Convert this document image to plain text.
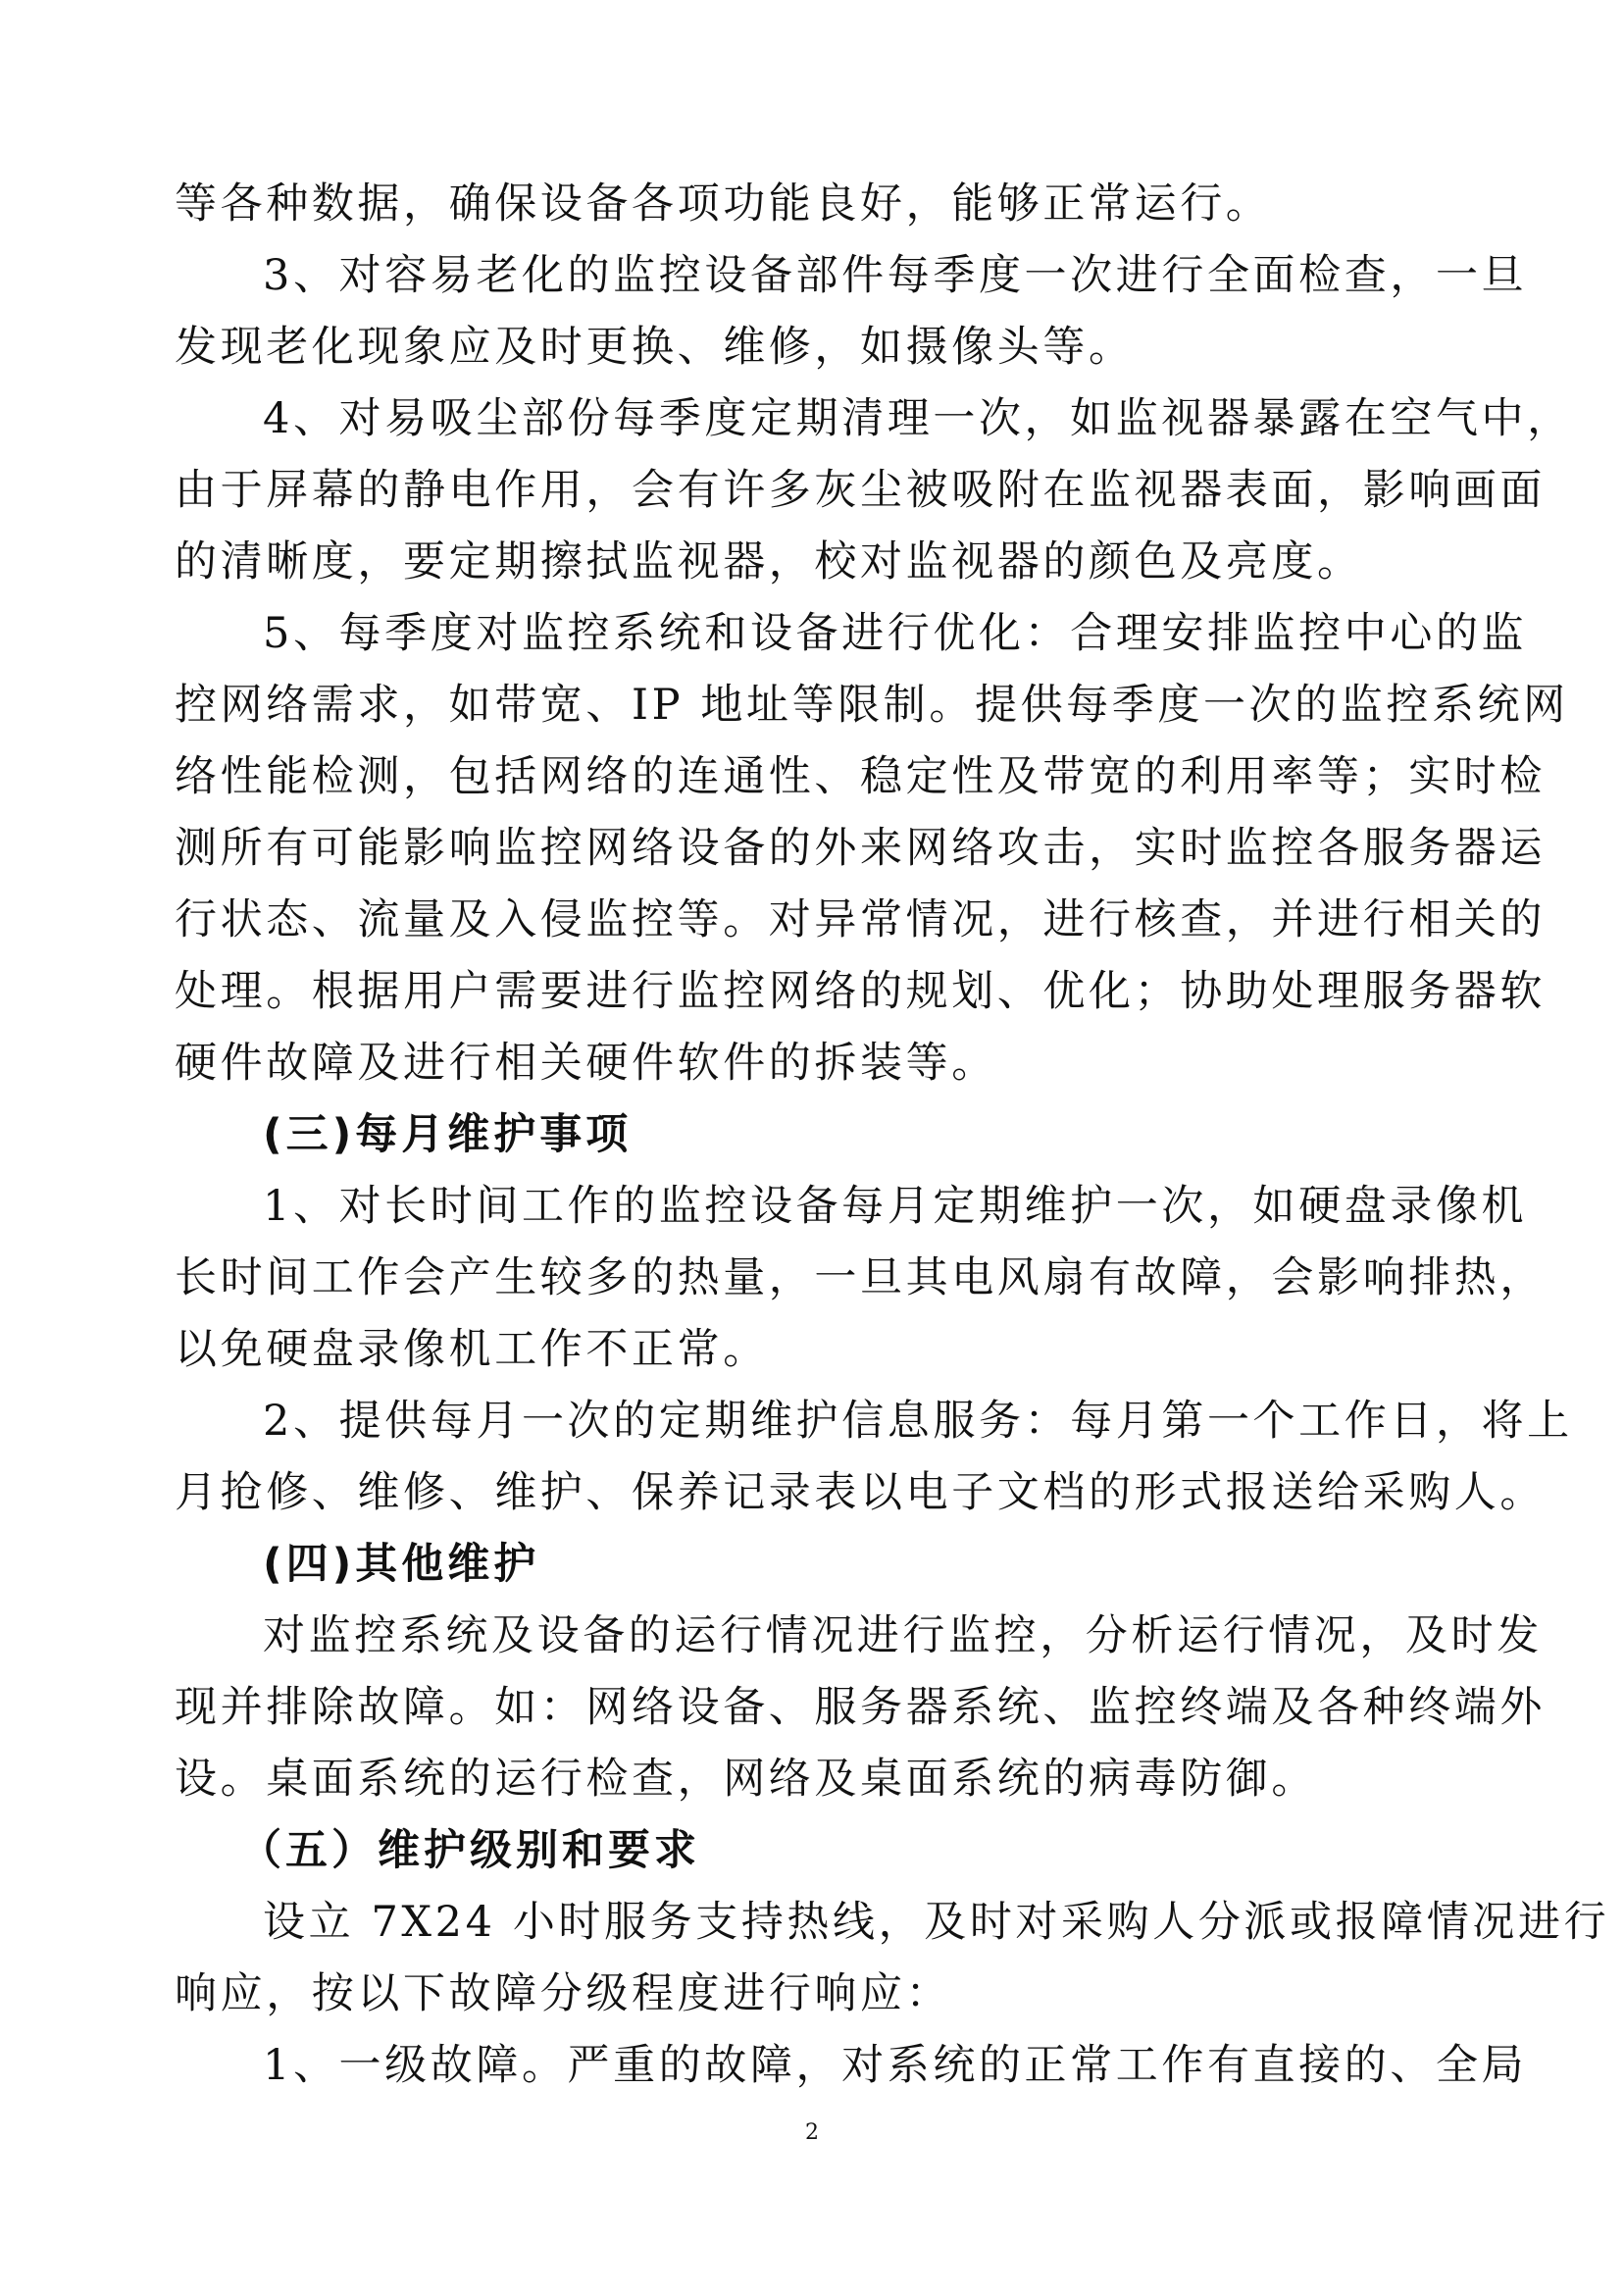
等各种数据，确保设备各项功能良好，能够正常运行。
3、对容易老化的监控设备部件每季度一次进行全面检查，一旦
发现老化现象应及时更换、维修，如摄像头等。
4、对易吸尘部份每季度定期清理一次，如监视器暴露在空气中，
由于屏幕的静电作用，会有许多灰尘被吸附在监视器表面，影响画面
的清晰度，要定期擦拭监视器，校对监视器的颜色及亮度。
5、每季度对监控系统和设备进行优化：合理安排监控中心的监
控网络需求，如带宽、IP 地址等限制。提供每季度一次的监控系统网
络性能检测，包括网络的连通性、稳定性及带宽的利用率等；实时检
测所有可能影响监控网络设备的外来网络攻击，实时监控各服务器运
行状态、流量及入侵监控等。对异常情况，进行核查，并进行相关的
处理。根据用户需要进行监控网络的规划、优化；协助处理服务器软
硬件故障及进行相关硬件软件的拆装等。
(三)每月维护事项
1、对长时间工作的监控设备每月定期维护一次，如硬盘录像机
长时间工作会产生较多的热量，一旦其电风扇有故障，会影响排热，
以免硬盘录像机工作不正常。
2、提供每月一次的定期维护信息服务：每月第一个工作日，将上
月抢修、维修、维护、保养记录表以电子文档的形式报送给采购人。
(四)其他维护
对监控系统及设备的运行情况进行监控，分析运行情况，及时发
现并排除故障。如：网络设备、服务器系统、监控终端及各种终端外
设。桌面系统的运行检查，网络及桌面系统的病毒防御。
（五）维护级别和要求
设立 7X24 小时服务支持热线，及时对采购人分派或报障情况进行
响应，按以下故障分级程度进行响应：
1、一级故障。严重的故障，对系统的正常工作有直接的、全局
2
